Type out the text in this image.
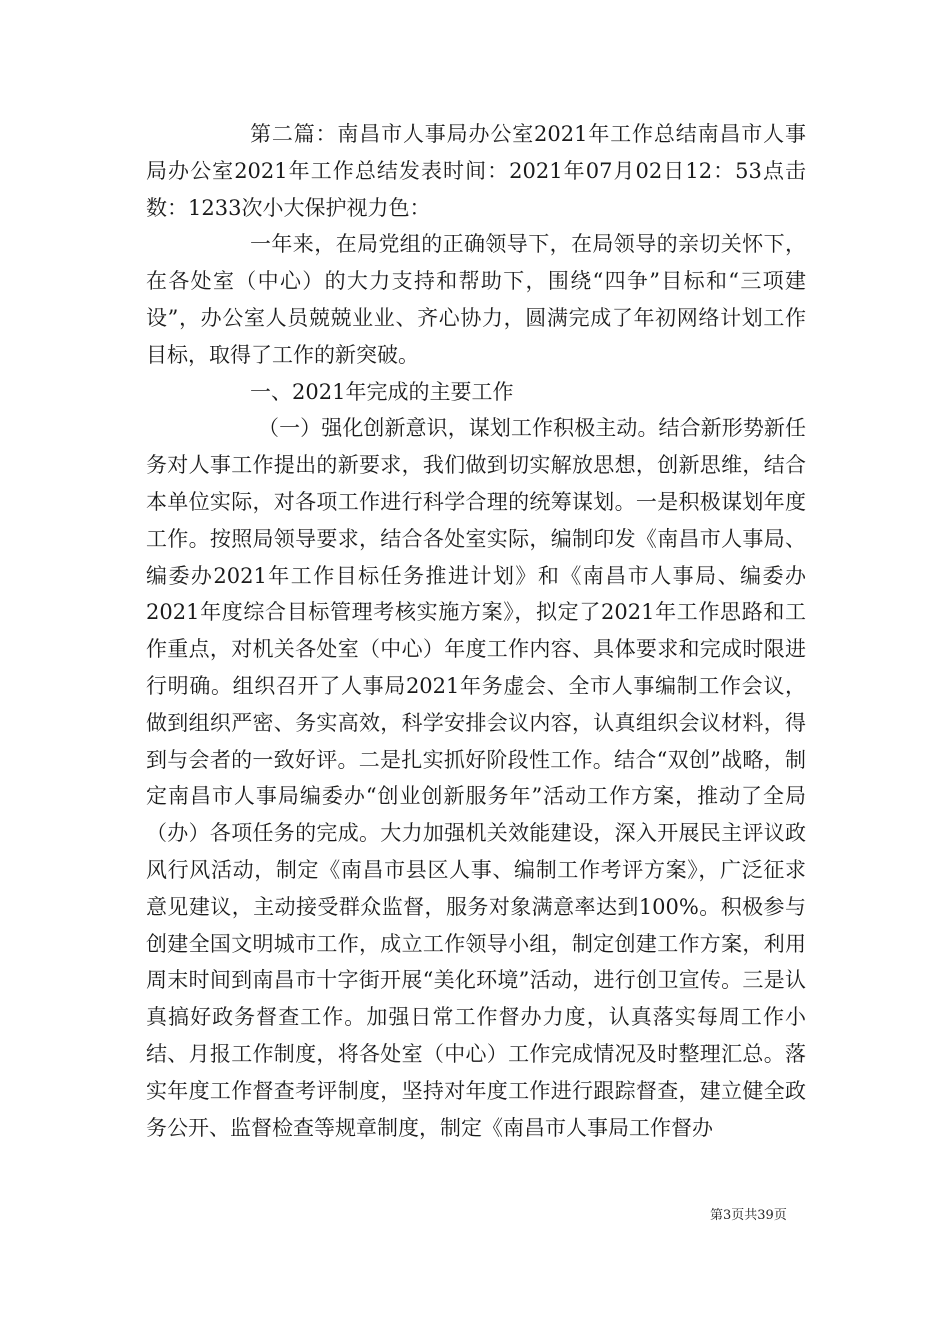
第二篇：南昌市人事局办公室2021年工作总结南昌市人事局办公室2021年工作总结发表时间：2021年07月02日12：53点击数：1233次小大保护视力色：

一年来，在局党组的正确领导下，在局领导的亲切关怀下，在各处室（中心）的大力支持和帮助下，围绕“四争”目标和“三项建设”，办公室人员兢兢业业、齐心协力，圆满完成了年初网络计划工作目标，取得了工作的新突破。

一、2021年完成的主要工作

（一）强化创新意识，谋划工作积极主动。结合新形势新任务对人事工作提出的新要求，我们做到切实解放思想，创新思维，结合本单位实际，对各项工作进行科学合理的统筹谋划。一是积极谋划年度工作。按照局领导要求，结合各处室实际，编制印发《南昌市人事局、编委办2021年工作目标任务推进计划》和《南昌市人事局、编委办2021年度综合目标管理考核实施方案》，拟定了2021年工作思路和工作重点，对机关各处室（中心）年度工作内容、具体要求和完成时限进行明确。组织召开了人事局2021年务虚会、全市人事编制工作会议，做到组织严密、务实高效，科学安排会议内容，认真组织会议材料，得到与会者的一致好评。二是扎实抓好阶段性工作。结合“双创”战略，制定南昌市人事局编委办“创业创新服务年”活动工作方案，推动了全局（办）各项任务的完成。大力加强机关效能建设，深入开展民主评议政风行风活动，制定《南昌市县区人事、编制工作考评方案》，广泛征求意见建议，主动接受群众监督，服务对象满意率达到100%。积极参与创建全国文明城市工作，成立工作领导小组，制定创建工作方案，利用周末时间到南昌市十字街开展“美化环境”活动，进行创卫宣传。三是认真搞好政务督查工作。加强日常工作督办力度，认真落实每周工作小结、月报工作制度，将各处室（中心）工作完成情况及时整理汇总。落实年度工作督查考评制度，坚持对年度工作进行跟踪督查，建立健全政务公开、监督检查等规章制度，制定《南昌市人事局工作督办

第3页共39页
